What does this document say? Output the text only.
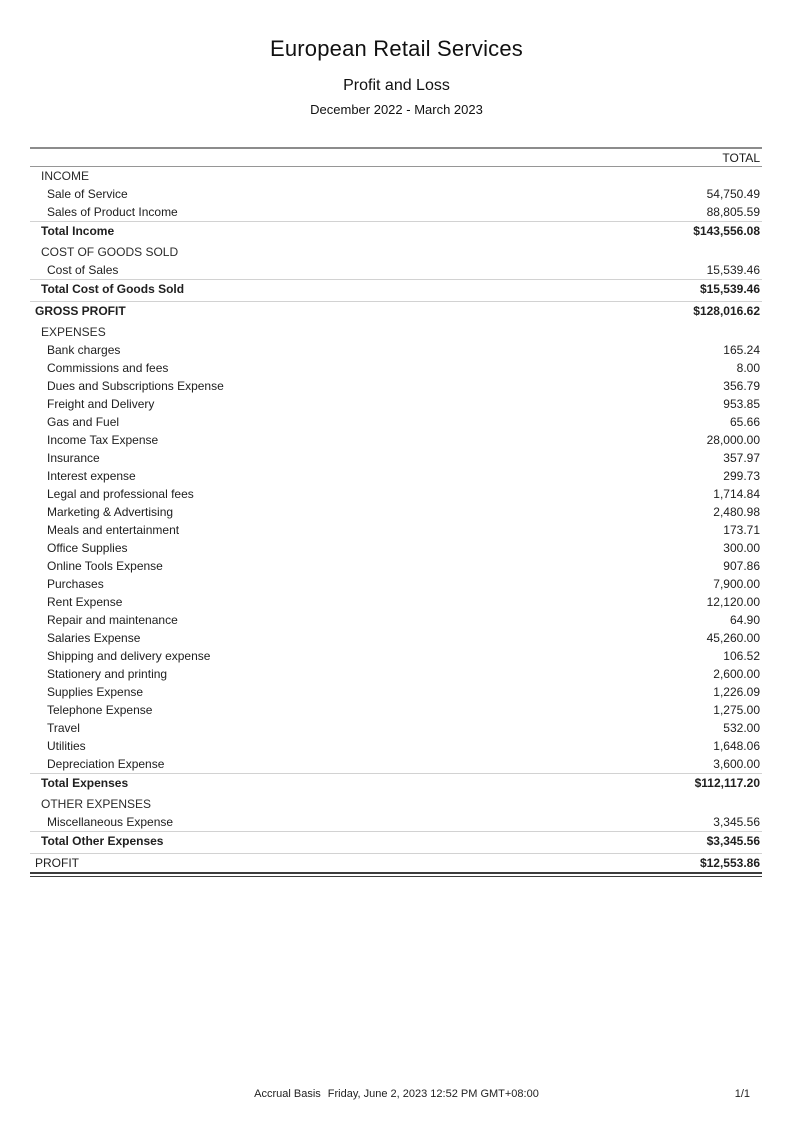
European Retail Services
Profit and Loss
December 2022 - March 2023
TOTAL
INCOME
Sale of Service	54,750.49
Sales of Product Income	88,805.59
Total Income	$143,556.08
COST OF GOODS SOLD
Cost of Sales	15,539.46
Total Cost of Goods Sold	$15,539.46
GROSS PROFIT	$128,016.62
EXPENSES
Bank charges	165.24
Commissions and fees	8.00
Dues and Subscriptions Expense	356.79
Freight and Delivery	953.85
Gas and Fuel	65.66
Income Tax Expense	28,000.00
Insurance	357.97
Interest expense	299.73
Legal and professional fees	1,714.84
Marketing & Advertising	2,480.98
Meals and entertainment	173.71
Office Supplies	300.00
Online Tools Expense	907.86
Purchases	7,900.00
Rent Expense	12,120.00
Repair and maintenance	64.90
Salaries Expense	45,260.00
Shipping and delivery expense	106.52
Stationery and printing	2,600.00
Supplies Expense	1,226.09
Telephone Expense	1,275.00
Travel	532.00
Utilities	1,648.06
Depreciation Expense	3,600.00
Total Expenses	$112,117.20
OTHER EXPENSES
Miscellaneous Expense	3,345.56
Total Other Expenses	$3,345.56
PROFIT	$12,553.86
Accrual Basis Friday, June 2, 2023 12:52 PM GMT+08:00	1/1
